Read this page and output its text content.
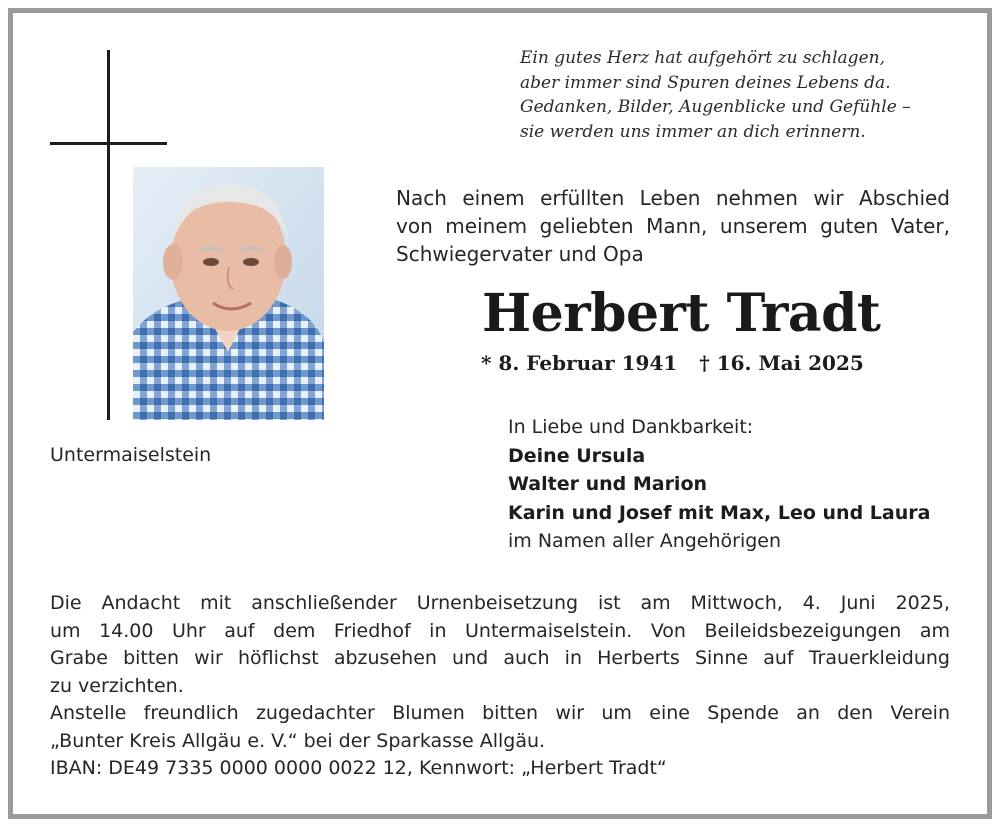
Ein gutes Herz hat aufgehört zu schlagen,

aber immer sind Spuren deines Lebens da.

Gedanken, Bilder, Augenblicke und Gefühle –

sie werden uns immer an dich erinnern.

Nach einem erfüllten Leben nehmen wir Abschied

von meinem geliebten Mann, unserem guten Vater,

Schwiegervater und Opa

Herbert Tradt
* 8. Februar 1941 † 16. Mai 2025
Untermaiselstein

In Liebe und Dankbarkeit:

Deine Ursula

Walter und Marion

Karin und Josef mit Max, Leo und Laura

im Namen aller Angehörigen

Die Andacht mit anschließender Urnenbeisetzung ist am Mittwoch, 4. Juni 2025,

um 14.00 Uhr auf dem Friedhof in Untermaiselstein. Von Beileidsbezeigungen am

Grabe bitten wir höflichst abzusehen und auch in Herberts Sinne auf Trauerkleidung

zu verzichten.

Anstelle freundlich zugedachter Blumen bitten wir um eine Spende an den Verein

„Bunter Kreis Allgäu e. V.“ bei der Sparkasse Allgäu.

IBAN: DE49 7335 0000 0000 0022 12, Kennwort: „Herbert Tradt“
